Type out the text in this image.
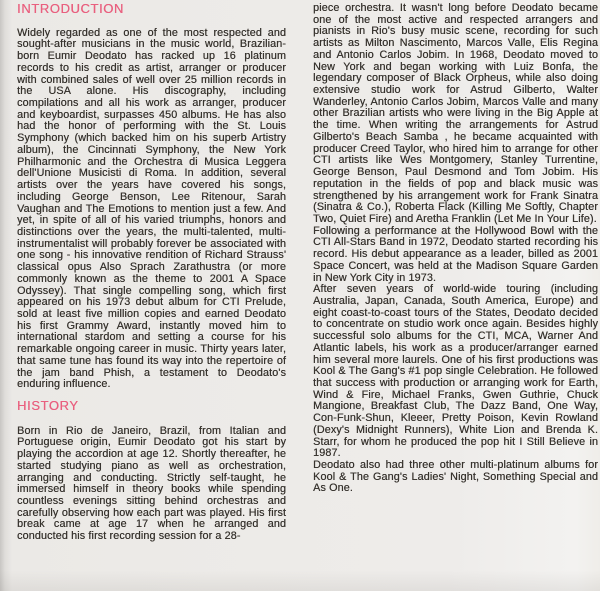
INTRODUCTION

Widely regarded as one of the most respected and sought-after musicians in the music world, Brazilian-born Eumir Deodato has racked up 16 platinum records to his credit as artist, arranger or producer with combined sales of well over 25 million records in the USA alone. His discography, including compilations and all his work as arranger, producer and keyboardist, surpasses 450 albums. He has also had the honor of performing with the St. Louis Symphony (which backed him on his superb Artistry album), the Cincinnati Symphony, the New York Philharmonic and the Orchestra di Musica Leggera dell'Unione Musicisti di Roma. In addition, several artists over the years have covered his songs, including George Benson, Lee Ritenour, Sarah Vaughan and The Emotions to mention just a few. And yet, in spite of all of his varied triumphs, honors and distinctions over the years, the multi-talented, multi-instrumentalist will probably forever be associated with one song - his innovative rendition of Richard Strauss' classical opus Also Sprach Zarathustra (or more commonly known as the theme to 2001 A Space Odyssey). That single compelling song, which first appeared on his 1973 debut album for CTI Prelude, sold at least five million copies and earned Deodato his first Grammy Award, instantly moved him to international stardom and setting a course for his remarkable ongoing career in music. Thirty years later, that same tune has found its way into the repertoire of the jam band Phish, a testament to Deodato's enduring influence.

HISTORY

Born in Rio de Janeiro, Brazil, from Italian and Portuguese origin, Eumir Deodato got his start by playing the accordion at age 12. Shortly thereafter, he started studying piano as well as orchestration, arranging and conducting. Strictly self-taught, he immersed himself in theory books while spending countless evenings sitting behind orchestras and carefully observing how each part was played. His first break came at age 17 when he arranged and conducted his first recording session for a 28-

piece orchestra. It wasn't long before Deodato became one of the most active and respected arrangers and pianists in Rio's busy music scene, recording for such artists as Milton Nascimento, Marcos Valle, Elis Regina and Antonio Carlos Jobim. In 1968, Deodato moved to New York and began working with Luiz Bonfa, the legendary composer of Black Orpheus, while also doing extensive studio work for Astrud Gilberto, Walter Wanderley, Antonio Carlos Jobim, Marcos Valle and many other Brazilian artists who were living in the Big Apple at the time. When writing the arrangements for Astrud Gilberto's Beach Samba , he became acquainted with producer Creed Taylor, who hired him to arrange for other CTI artists like Wes Montgomery, Stanley Turrentine, George Benson, Paul Desmond and Tom Jobim. His reputation in the fields of pop and black music was strengthened by his arrangement work for Frank Sinatra (Sinatra & Co.), Roberta Flack (Killing Me Softly, Chapter Two, Quiet Fire) and Aretha Franklin (Let Me In Your Life).

Following a performance at the Hollywood Bowl with the CTI All-Stars Band in 1972, Deodato started recording his record. His debut appearance as a leader, billed as 2001 Space Concert, was held at the Madison Square Garden in New York City in 1973.

After seven years of world-wide touring (including Australia, Japan, Canada, South America, Europe) and eight coast-to-coast tours of the States, Deodato decided to concentrate on studio work once again. Besides highly successful solo albums for the CTI, MCA, Warner And Atlantic labels, his work as a producer/arranger earned him several more laurels. One of his first productions was Kool & The Gang's #1 pop single Celebration. He followed that success with production or arranging work for Earth, Wind & Fire, Michael Franks, Gwen Guthrie, Chuck Mangione, Breakfast Club, The Dazz Band, One Way, Con-Funk-Shun, Kleeer, Pretty Poison, Kevin Rowland (Dexy's Midnight Runners), White Lion and Brenda K. Starr, for whom he produced the pop hit I Still Believe in 1987.

Deodato also had three other multi-platinum albums for Kool & The Gang's Ladies' Night, Something Special and As One.
